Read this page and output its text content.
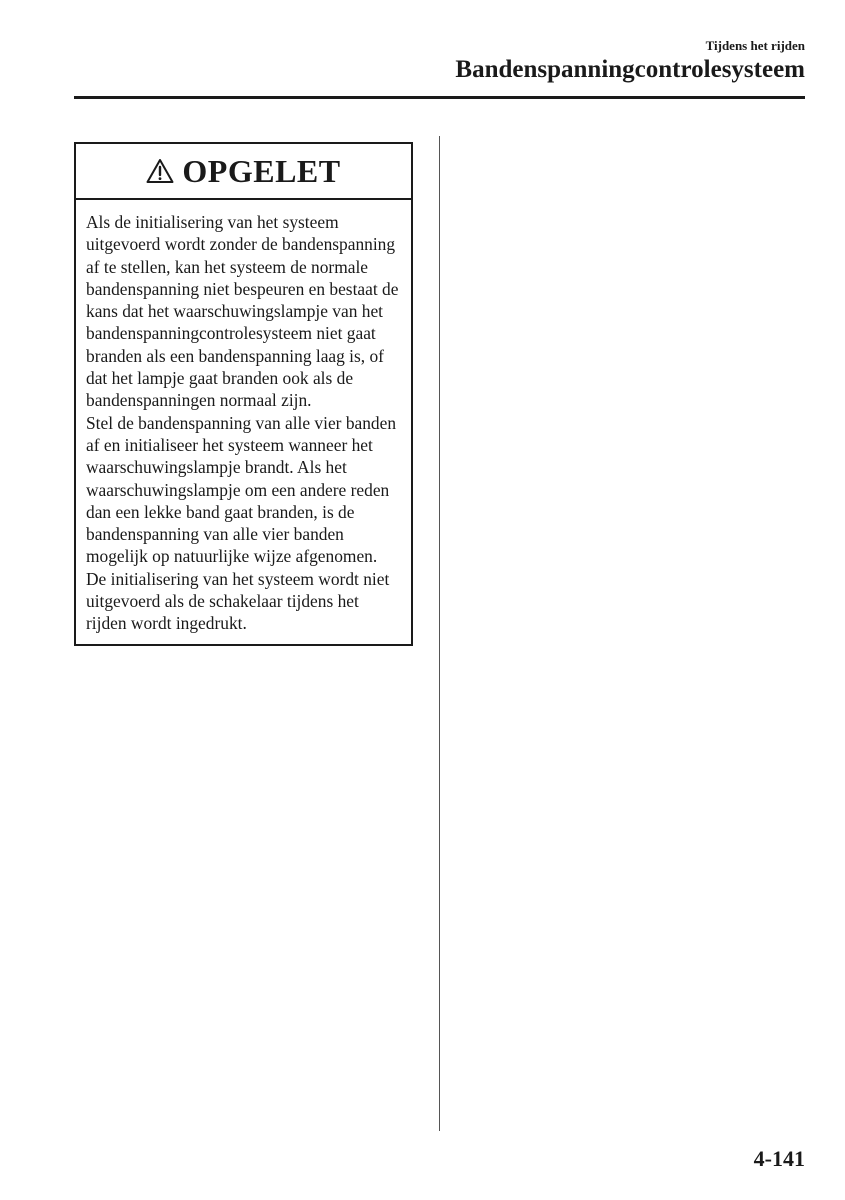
Tijdens het rijden
Bandenspanningcontrolesysteem
OPGELET

Als de initialisering van het systeem uitgevoerd wordt zonder de bandenspanning af te stellen, kan het systeem de normale bandenspanning niet bespeuren en bestaat de kans dat het waarschuwingslampje van het bandenspanningcontrolesysteem niet gaat branden als een bandenspanning laag is, of dat het lampje gaat branden ook als de bandenspanningen normaal zijn.

Stel de bandenspanning van alle vier banden af en initialiseer het systeem wanneer het waarschuwingslampje brandt. Als het waarschuwingslampje om een andere reden dan een lekke band gaat branden, is de bandenspanning van alle vier banden mogelijk op natuurlijke wijze afgenomen.

De initialisering van het systeem wordt niet uitgevoerd als de schakelaar tijdens het rijden wordt ingedrukt.

4-141
